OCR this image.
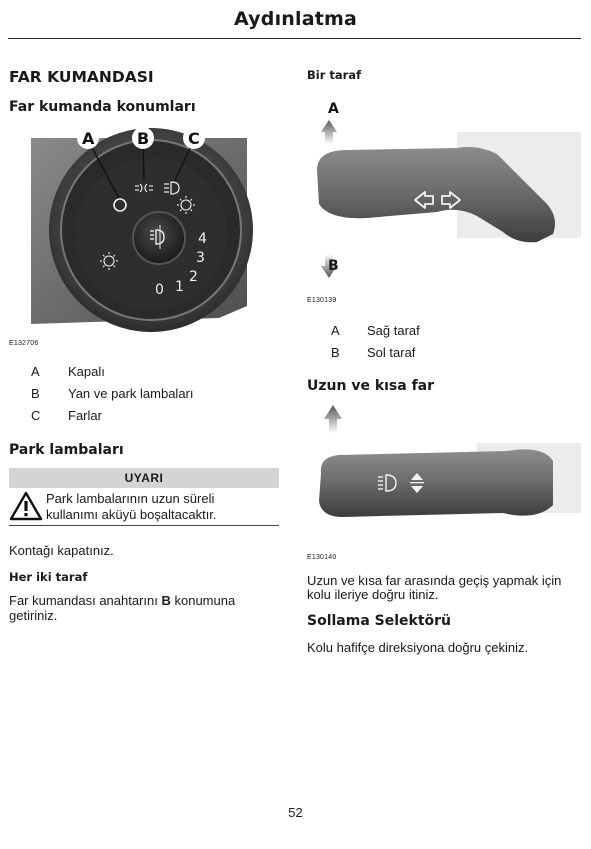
Aydınlatma
FAR KUMANDASI
Far kumanda konumları
0 1
2
3
4
A	B C
E132706
A Kapalı
B Yan ve park lambaları
C Farlar
Park lambaları
UYARI
Park lambalarının uzun süreli
kullanımı aküyü boşaltacaktır.
Kontağı kapatınız.
Her iki taraf
Far kumandası anahtarını B konumuna
getiriniz.
Bir taraf
A
B
E130139
A Sağ taraf
B Sol taraf
Uzun ve kısa far
E130140
Uzun ve kısa far arasında geçiş yapmak için
kolu ileriye doğru itiniz.
Sollama Selektörü
Kolu hafifçe direksiyona doğru çekiniz.
52
